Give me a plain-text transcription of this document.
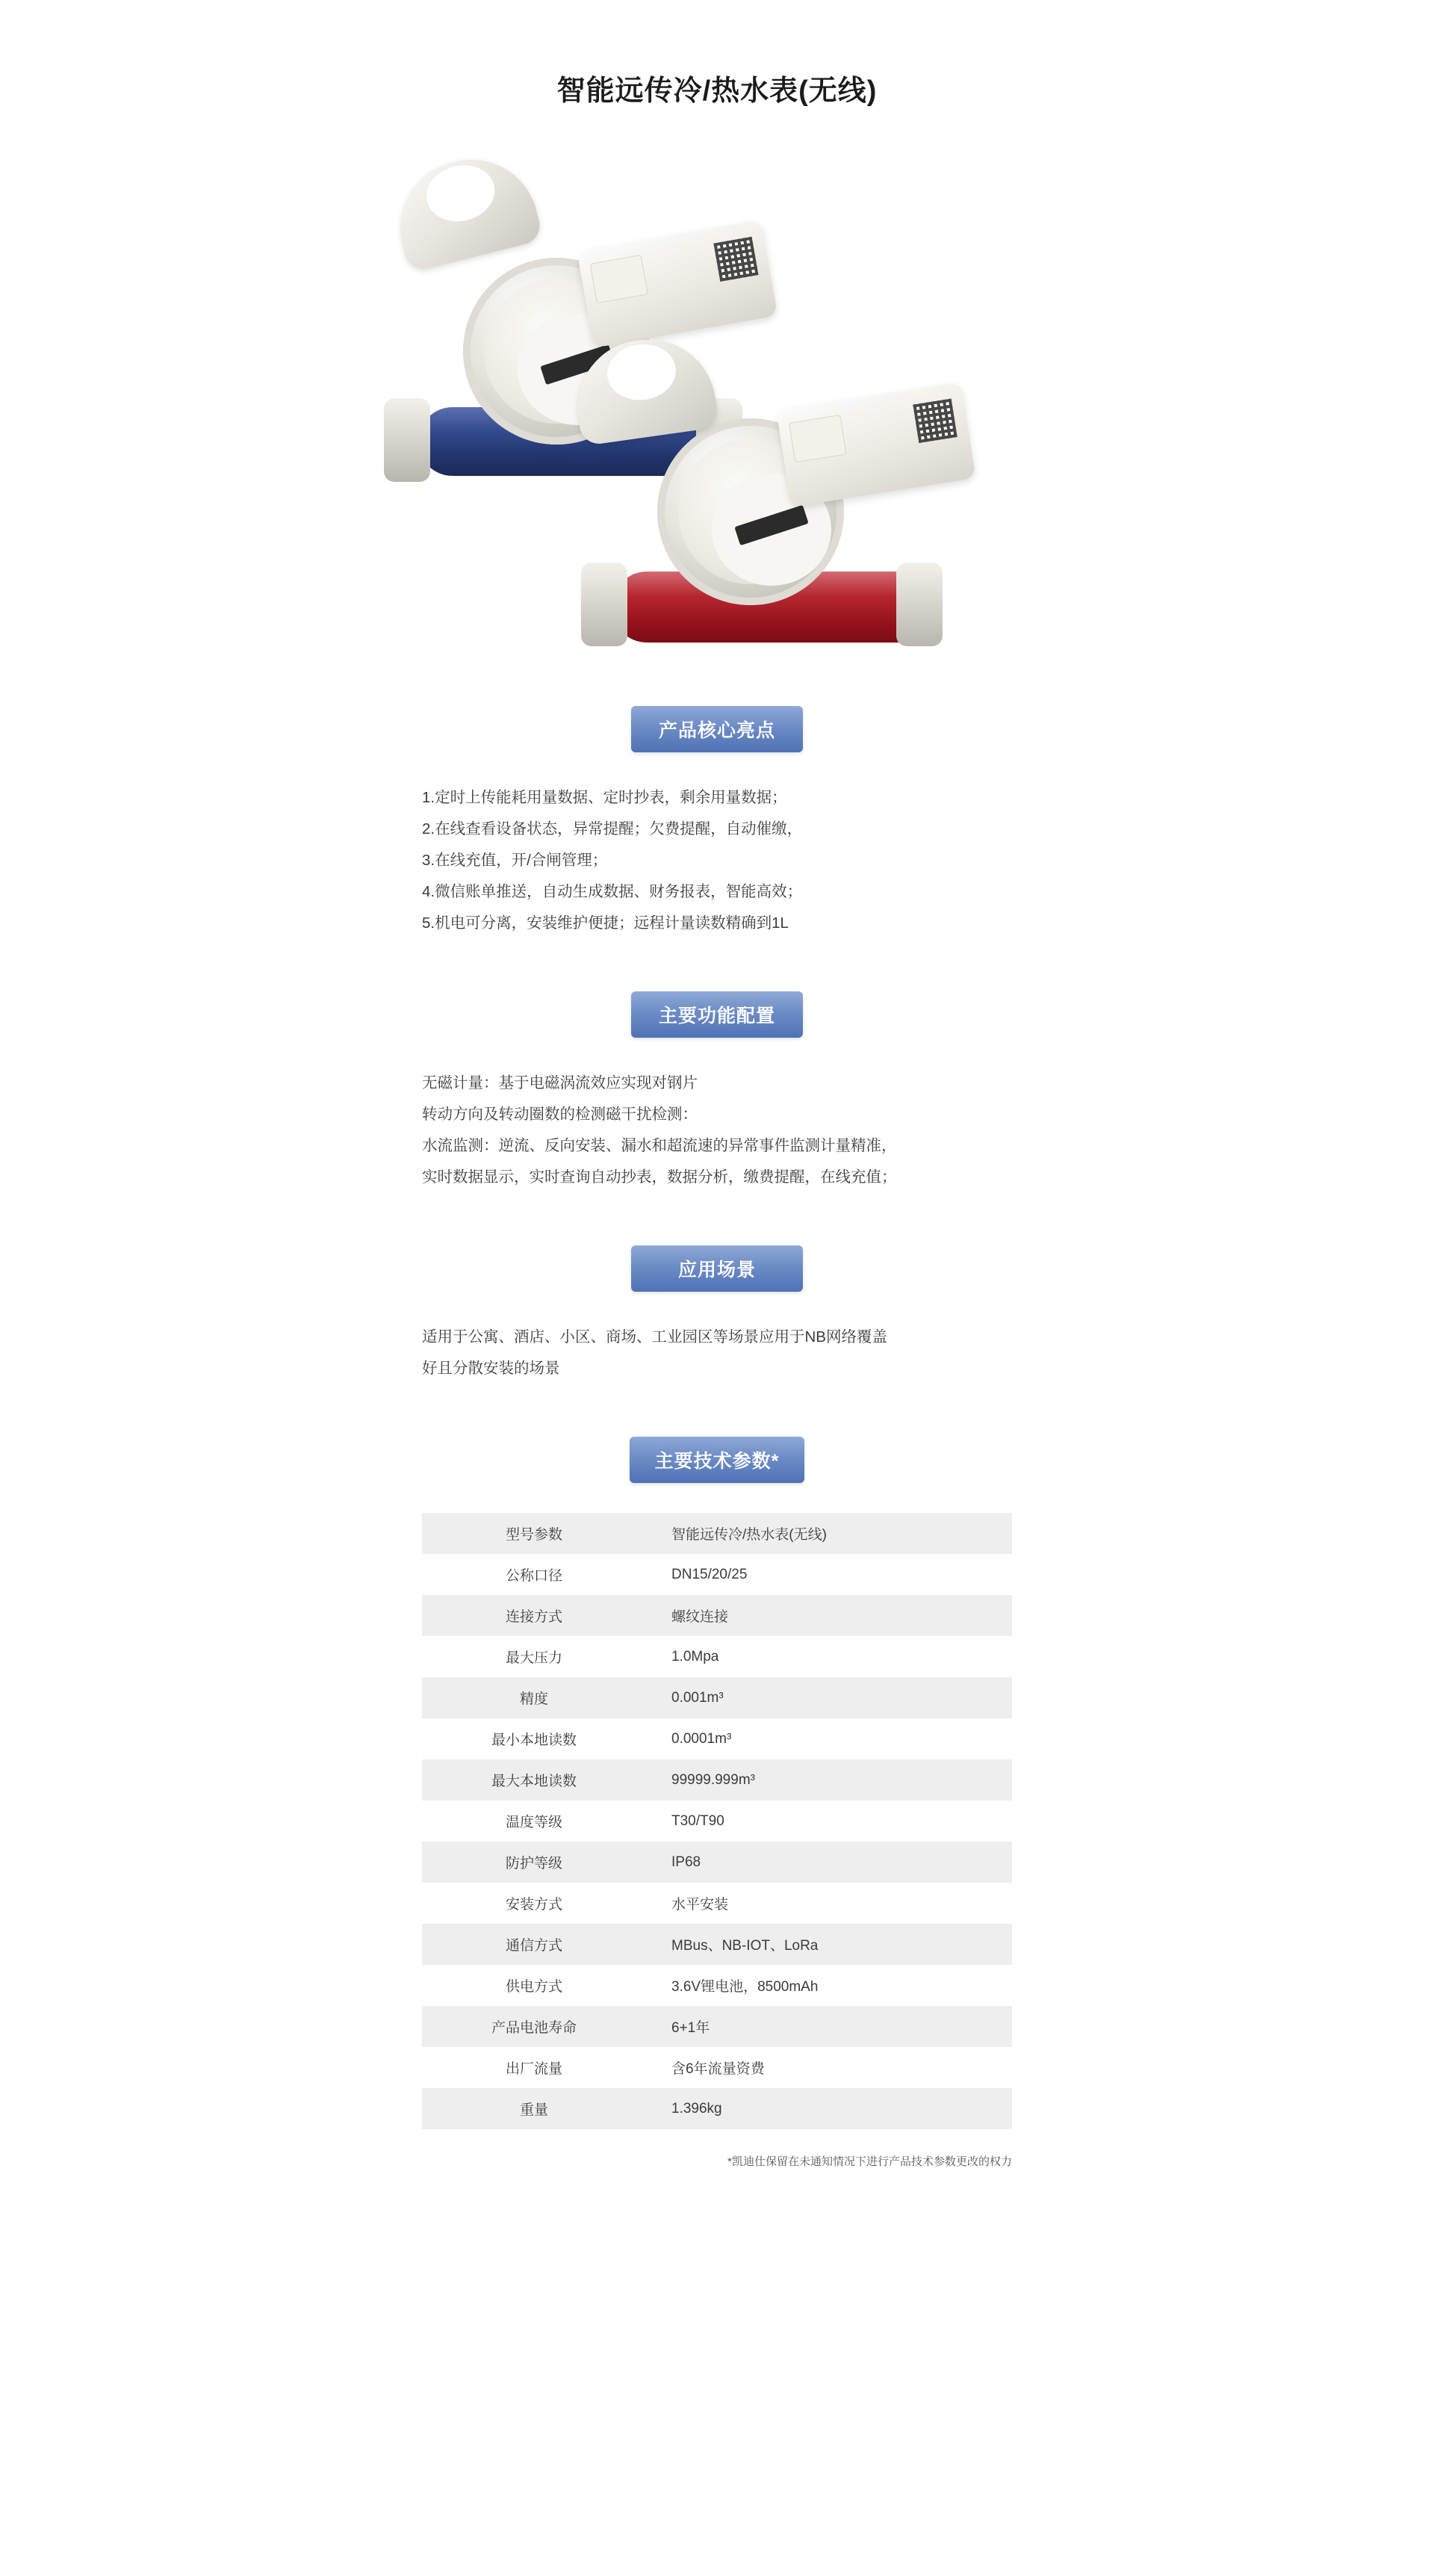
智能远传冷/热水表(无线)
产品核心亮点

1.定时上传能耗用量数据、定时抄表，剩余用量数据；

2.在线查看设备状态，异常提醒；欠费提醒，自动催缴，

3.在线充值，开/合闸管理；

4.微信账单推送，自动生成数据、财务报表，智能高效；

5.机电可分离，安装维护便捷；远程计量读数精确到1L

主要功能配置

无磁计量：基于电磁涡流效应实现对钢片

转动方向及转动圈数的检测磁干扰检测：

水流监测：逆流、反向安装、漏水和超流速的异常事件监测计量精准，

实时数据显示，实时查询自动抄表，数据分析，缴费提醒，在线充值；

应用场景

适用于公寓、酒店、小区、商场、工业园区等场景应用于NB网络覆盖

好且分散安装的场景

主要技术参数*
型号参数	智能远传冷/热水表(无线)
公称口径	DN15/20/25
连接方式	螺纹连接
最大压力	1.0Mpa
精度	0.001m³
最小本地读数	0.0001m³
最大本地读数	99999.999m³
温度等级	T30/T90
防护等级	IP68
安装方式	水平安装
通信方式	MBus、NB-IOT、LoRa
供电方式	3.6V锂电池，8500mAh
产品电池寿命	6+1年
出厂流量	含6年流量资费
重量	1.396kg
*凯迪仕保留在未通知情况下进行产品技术参数更改的权力
